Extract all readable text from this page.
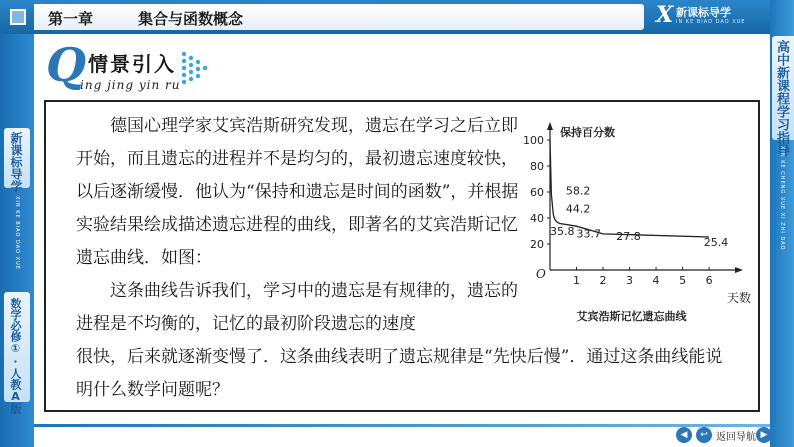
第一章	集合与函数概念	X 新课标导学
IN KE BIAO DAO XUE
高中新课程学习指导
XIN KE CHENG XUE XI ZHI DAO
新课标导学
XIN KE BIAO DAO XUE
数学必修①·人教A版
Q 情景引入
ing jing yin ru
德国心理学家艾宾浩斯研究发现，遗忘在学习之后立即开始，而且遗忘的进程并不是均匀的，最初遗忘速度较快，以后逐渐缓慢．他认为“保持和遗忘是时间的函数”，并根据实验结果绘成描述遗忘进程的曲线，即著名的艾宾浩斯记忆遗忘曲线．如图：
这条曲线告诉我们，学习中的遗忘是有规律的，遗忘的进程是不均衡的，记忆的最初阶段遗忘的速度
很快，后来就逐渐变慢了．这条曲线表明了遗忘规律是“先快后慢”．通过这条曲线能说明什么数学问题呢？
20
40
60
80
100
1 2 3 4 5 6
O
保持百分数
天数
艾宾浩斯记忆遗忘曲线
58.2
44.2
35.8 33.7 27.8	25.4
◀	↩ 返回导航 ▶
